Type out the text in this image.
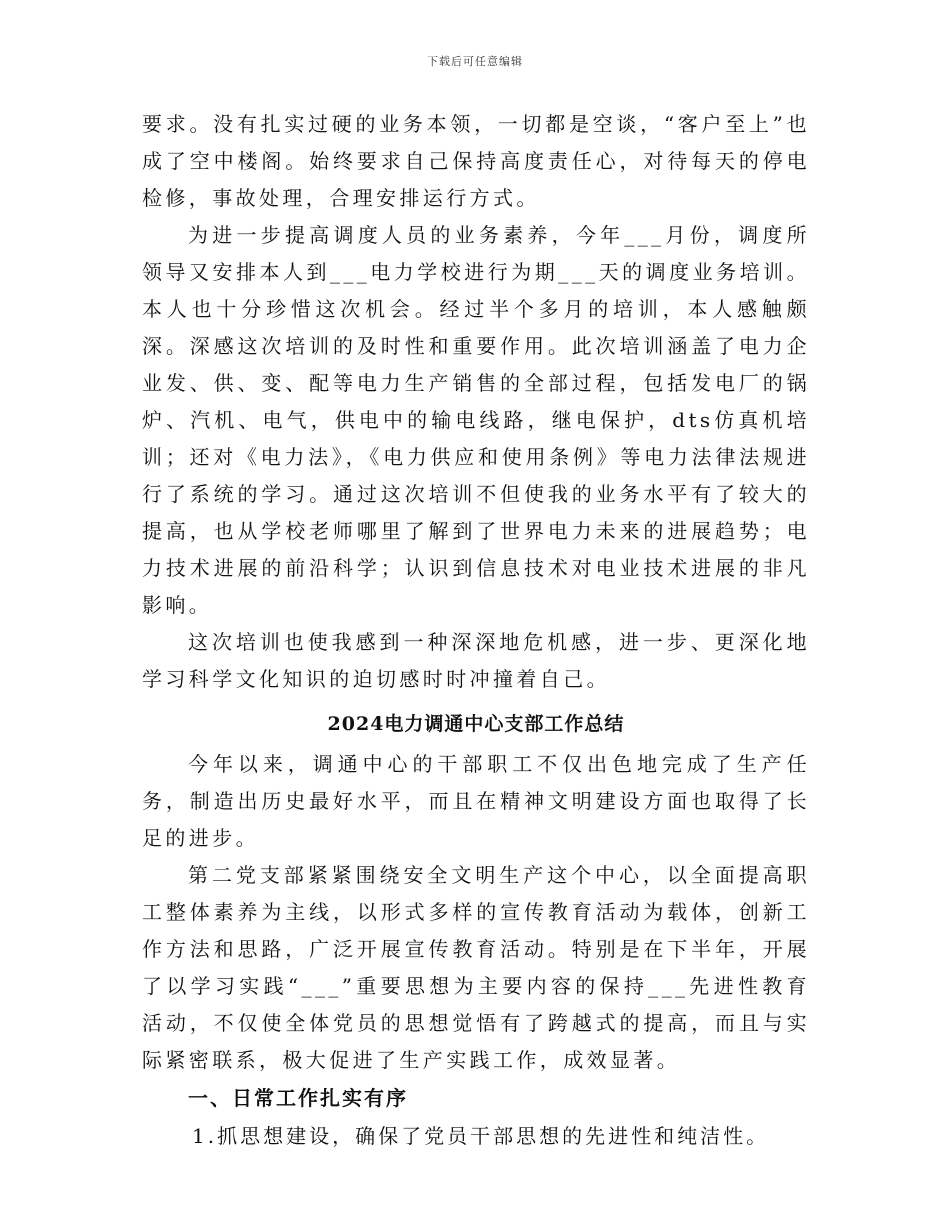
下载后可任意编辑

要求。没有扎实过硬的业务本领，一切都是空谈，“客户至上”也成了空中楼阁。始终要求自己保持高度责任心，对待每天的停电检修，事故处理，合理安排运行方式。

为进一步提高调度人员的业务素养，今年___月份，调度所领导又安排本人到___电力学校进行为期___天的调度业务培训。本人也十分珍惜这次机会。经过半个多月的培训，本人感触颇深。深感这次培训的及时性和重要作用。此次培训涵盖了电力企业发、供、变、配等电力生产销售的全部过程，包括发电厂的锅炉、汽机、电气，供电中的输电线路，继电保护，dts仿真机培训；还对《电力法》，《电力供应和使用条例》等电力法律法规进行了系统的学习。通过这次培训不但使我的业务水平有了较大的提高，也从学校老师哪里了解到了世界电力未来的进展趋势；电力技术进展的前沿科学；认识到信息技术对电业技术进展的非凡影响。

这次培训也使我感到一种深深地危机感，进一步、更深化地学习科学文化知识的迫切感时时冲撞着自己。

2024电力调通中心支部工作总结

今年以来，调通中心的干部职工不仅出色地完成了生产任务，制造出历史最好水平，而且在精神文明建设方面也取得了长足的进步。

第二党支部紧紧围绕安全文明生产这个中心，以全面提高职工整体素养为主线，以形式多样的宣传教育活动为载体，创新工作方法和思路，广泛开展宣传教育活动。特别是在下半年，开展了以学习实践“___”重要思想为主要内容的保持___先进性教育活动，不仅使全体党员的思想觉悟有了跨越式的提高，而且与实际紧密联系，极大促进了生产实践工作，成效显著。

一、日常工作扎实有序
1.抓思想建设，确保了党员干部思想的先进性和纯洁性。
